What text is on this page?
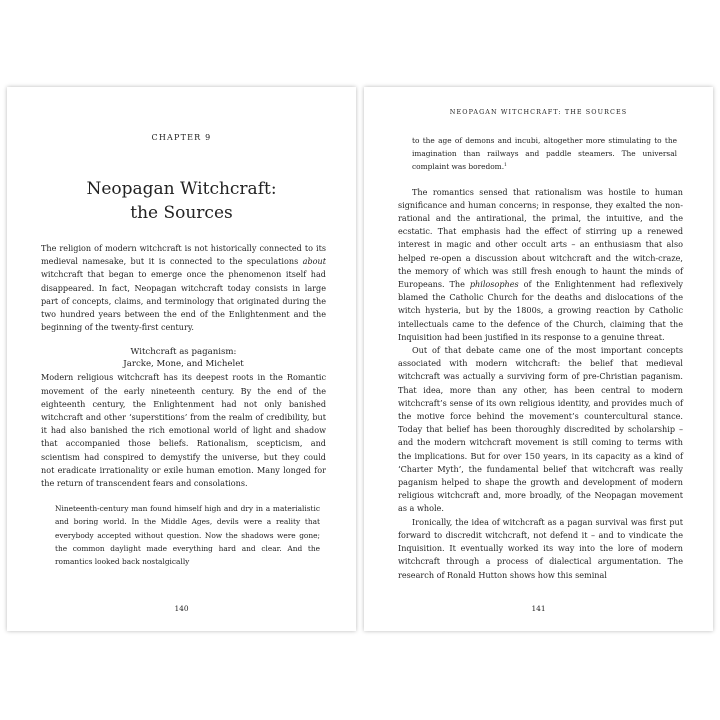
CHAPTER 9
Neopagan Witchcraft:
the Sources

The religion of modern witchcraft is not historically connected to its medieval namesake, but it is connected to the speculations about witchcraft that began to emerge once the phenomenon itself had disappeared. In fact, Neopagan witchcraft today consists in large part of concepts, claims, and terminology that originated during the two hundred years between the end of the Enlightenment and the beginning of the twenty-first century.

Witchcraft as paganism:
Jarcke, Mone, and Michelet

Modern religious witchcraft has its deepest roots in the Romantic movement of the early nineteenth century. By the end of the eighteenth century, the Enlightenment had not only banished witchcraft and other ‘superstitions’ from the realm of credibility, but it had also banished the rich emotional world of light and shadow that accompanied those beliefs. Rationalism, scepticism, and scientism had conspired to demystify the universe, but they could not eradicate irrationality or exile human emotion. Many longed for the return of transcendent fears and consolations.

Nineteenth-century man found himself high and dry in a materialistic and boring world. In the Middle Ages, devils were a reality that everybody accepted without question. Now the shadows were gone; the common daylight made everything hard and clear. And the romantics looked back nostalgically

140
NEOPAGAN WITCHCRAFT: THE SOURCES

to the age of demons and incubi, altogether more stimulating to the imagination than railways and paddle steamers. The universal complaint was boredom.$^1$

The romantics sensed that rationalism was hostile to human significance and human concerns; in response, they exalted the non-rational and the antirational, the primal, the intuitive, and the ecstatic. That emphasis had the effect of stirring up a renewed interest in magic and other occult arts – an enthusiasm that also helped re-open a discussion about witchcraft and the witch-craze, the memory of which was still fresh enough to haunt the minds of Europeans. The philosophes of the Enlightenment had reflexively blamed the Catholic Church for the deaths and dislocations of the witch hysteria, but by the 1800s, a growing reaction by Catholic intellectuals came to the defence of the Church, claiming that the Inquisition had been justified in its response to a genuine threat.

Out of that debate came one of the most important concepts associated with modern witchcraft: the belief that medieval witchcraft was actually a surviving form of pre-Christian paganism. That idea, more than any other, has been central to modern witchcraft’s sense of its own religious identity, and provides much of the motive force behind the movement’s countercultural stance. Today that belief has been thoroughly discredited by scholarship – and the modern witchcraft movement is still coming to terms with the implications. But for over 150 years, in its capacity as a kind of ‘Charter Myth’, the fundamental belief that witchcraft was really paganism helped to shape the growth and development of modern religious witchcraft and, more broadly, of the Neopagan movement as a whole.

Ironically, the idea of witchcraft as a pagan survival was first put forward to discredit witchcraft, not defend it – and to vindicate the Inquisition. It eventually worked its way into the lore of modern witchcraft through a process of dialectical argumentation. The research of Ronald Hutton shows how this seminal

141
